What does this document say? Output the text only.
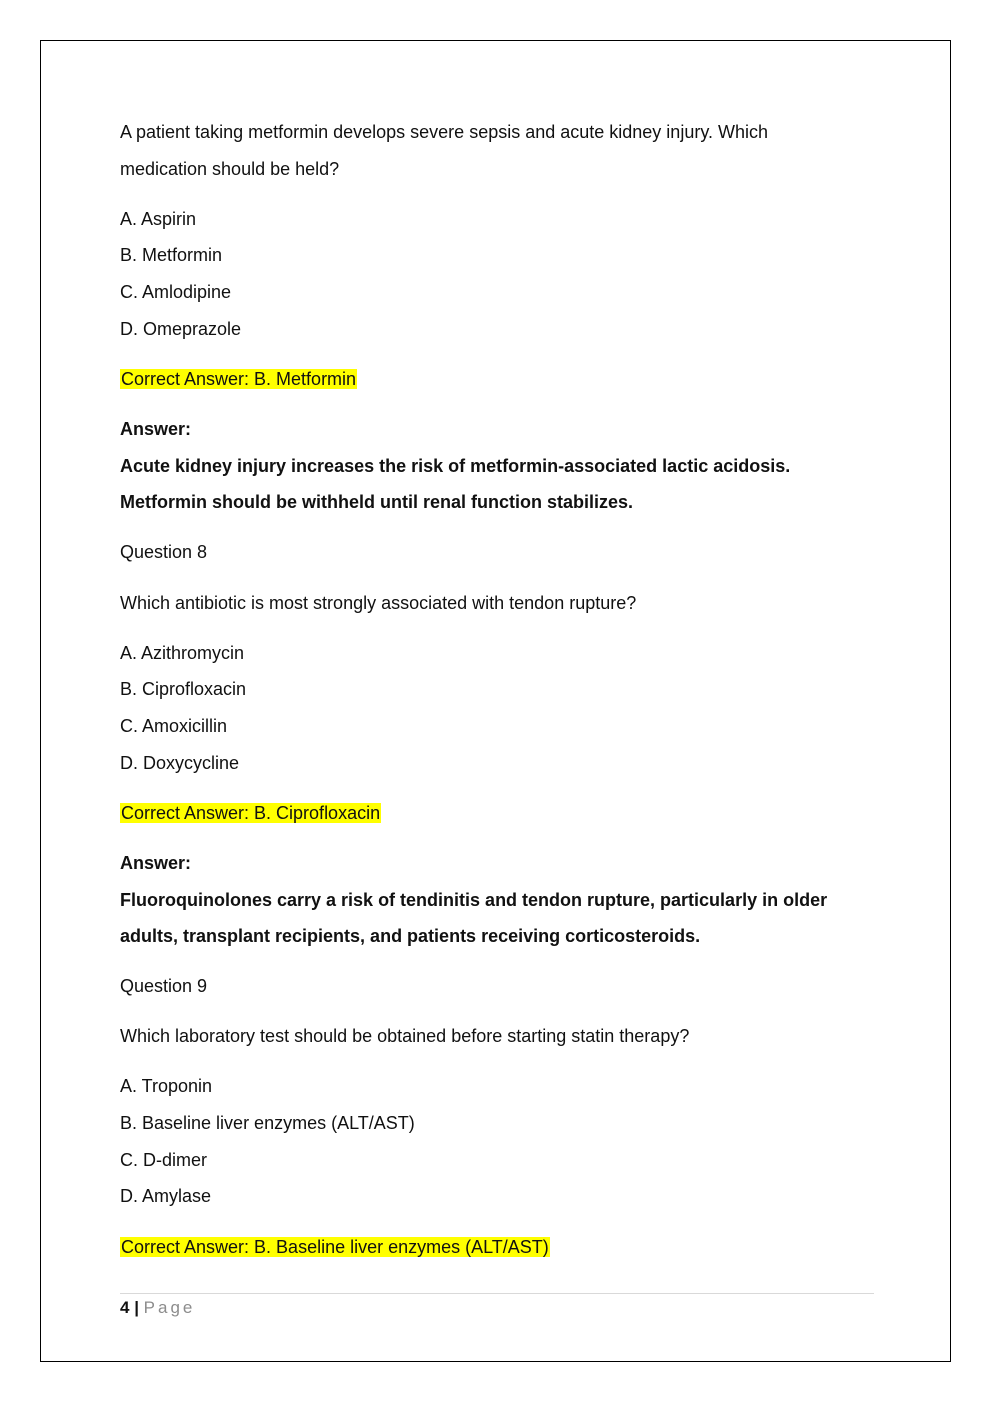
A patient taking metformin develops severe sepsis and acute kidney injury. Which
medication should be held?
A. Aspirin
B. Metformin
C. Amlodipine
D. Omeprazole
Correct Answer: B. Metformin
Answer:
Acute kidney injury increases the risk of metformin-associated lactic acidosis.
Metformin should be withheld until renal function stabilizes.
Question 8
Which antibiotic is most strongly associated with tendon rupture?
A. Azithromycin
B. Ciprofloxacin
C. Amoxicillin
D. Doxycycline
Correct Answer: B. Ciprofloxacin
Answer:
Fluoroquinolones carry a risk of tendinitis and tendon rupture, particularly in older
adults, transplant recipients, and patients receiving corticosteroids.
Question 9
Which laboratory test should be obtained before starting statin therapy?
A. Troponin
B. Baseline liver enzymes (ALT/AST)
C. D-dimer
D. Amylase
Correct Answer: B. Baseline liver enzymes (ALT/AST)
4 | Page
